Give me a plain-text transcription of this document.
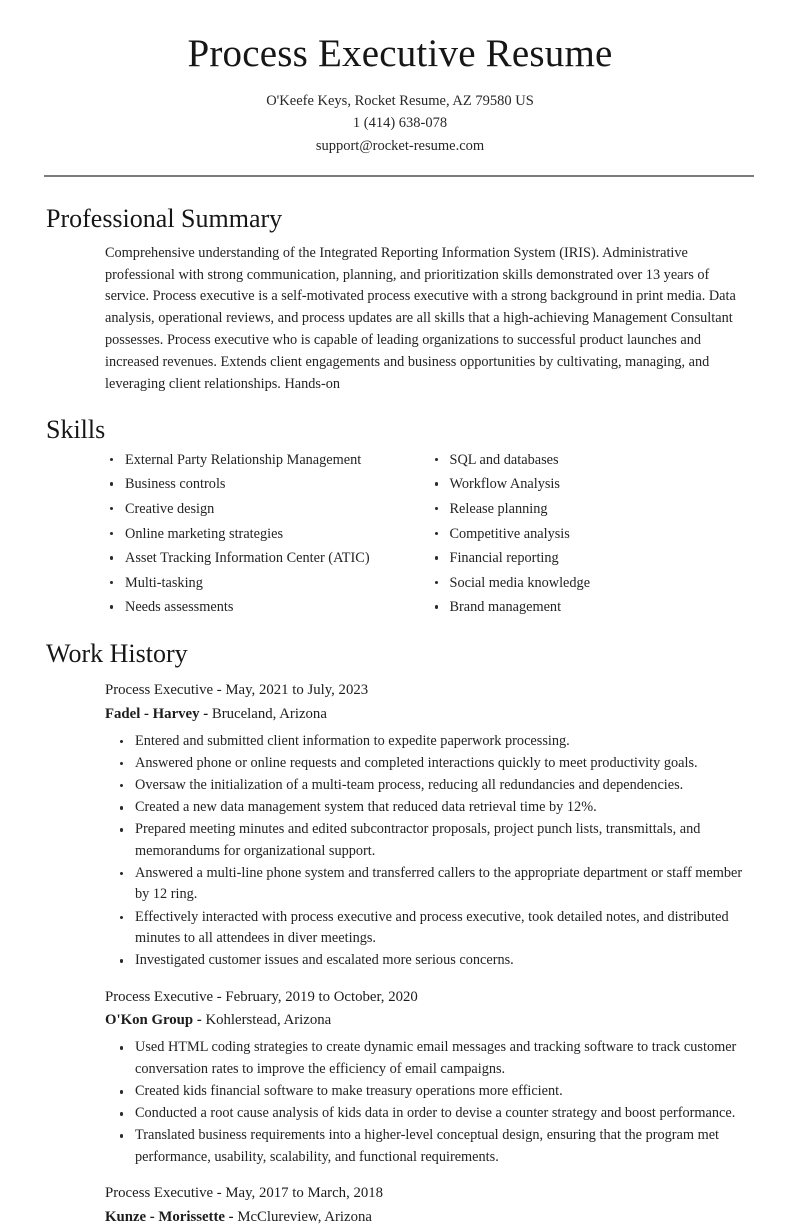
Process Executive Resume
O'Keefe Keys, Rocket Resume, AZ 79580 US
1 (414) 638-078
support@rocket-resume.com
Professional Summary

Comprehensive understanding of the Integrated Reporting Information System (IRIS). Administrative professional with strong communication, planning, and prioritization skills demonstrated over 13 years of service. Process executive is a self-motivated process executive with a strong background in print media. Data analysis, operational reviews, and process updates are all skills that a high-achieving Management Consultant possesses. Process executive who is capable of leading organizations to successful product launches and increased revenues. Extends client engagements and business opportunities by cultivating, managing, and leveraging client relationships. Hands-on

Skills
External Party Relationship Management
Business controls
Creative design
Online marketing strategies
Asset Tracking Information Center (ATIC)
Multi-tasking
Needs assessments
SQL and databases
Workflow Analysis
Release planning
Competitive analysis
Financial reporting
Social media knowledge
Brand management
Work History
Process Executive - May, 2021 to July, 2023
Fadel - Harvey - Bruceland, Arizona
Entered and submitted client information to expedite paperwork processing.
Answered phone or online requests and completed interactions quickly to meet productivity goals.
Oversaw the initialization of a multi-team process, reducing all redundancies and dependencies.
Created a new data management system that reduced data retrieval time by 12%.
Prepared meeting minutes and edited subcontractor proposals, project punch lists, transmittals, and memorandums for organizational support.
Answered a multi-line phone system and transferred callers to the appropriate department or staff member by 12 ring.
Effectively interacted with process executive and process executive, took detailed notes, and distributed minutes to all attendees in diver meetings.
Investigated customer issues and escalated more serious concerns.
Process Executive - February, 2019 to October, 2020
O'Kon Group - Kohlerstead, Arizona
Used HTML coding strategies to create dynamic email messages and tracking software to track customer conversation rates to improve the efficiency of email campaigns.
Created kids financial software to make treasury operations more efficient.
Conducted a root cause analysis of kids data in order to devise a counter strategy and boost performance.
Translated business requirements into a higher-level conceptual design, ensuring that the program met performance, usability, scalability, and functional requirements.
Process Executive - May, 2017 to March, 2018
Kunze - Morissette - McClureview, Arizona
